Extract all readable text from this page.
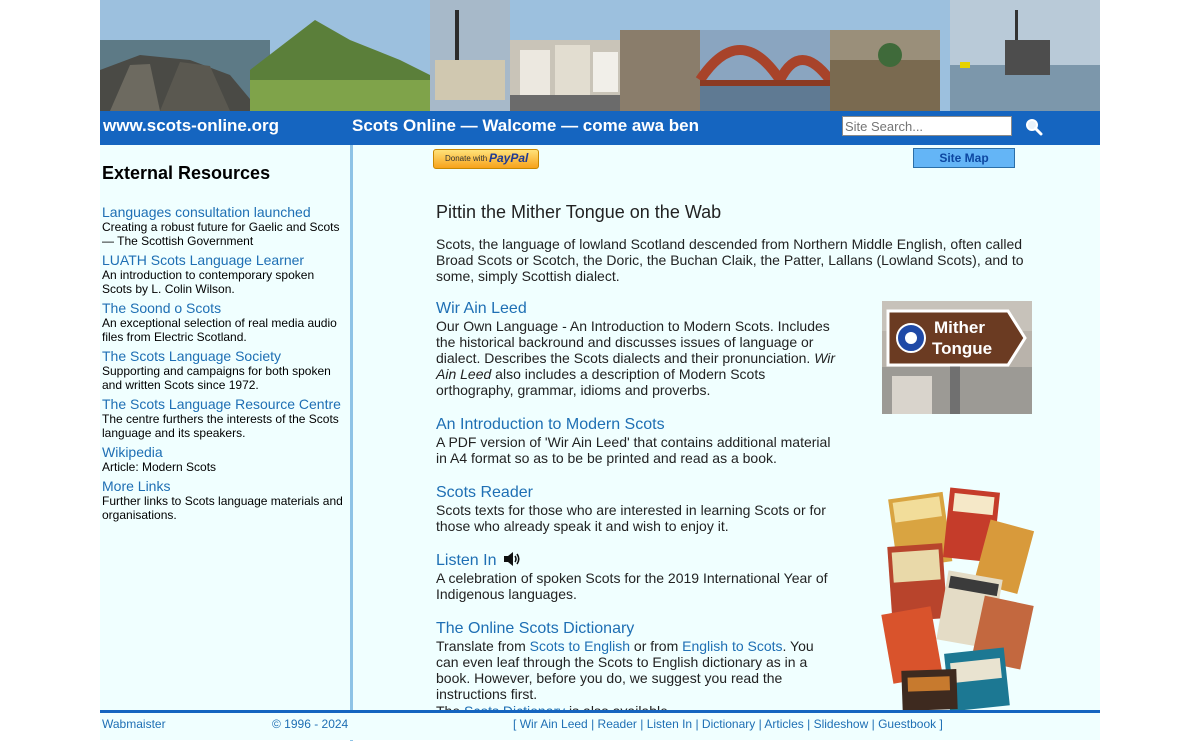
www.scots-online.org	Scots Online — Walcome — come awa ben
Site Search...
External Resources
Languages consultation launched
Creating a robust future for Gaelic and Scots — The Scottish Government
LUATH Scots Language Learner
An introduction to contemporary spoken Scots by L. Colin Wilson.
The Soond o Scots
An exceptional selection of real media audio files from Electric Scotland.
The Scots Language Society
Supporting and campaigns for both spoken and written Scots since 1972.
The Scots Language Resource Centre
The centre furthers the interests of the Scots language and its speakers.
Wikipedia
Article: Modern Scots
More Links
Further links to Scots language materials and organisations.
Donate with PayPal	Site Map
Pittin the Mither Tongue on the Wab
Scots, the language of lowland Scotland descended from Northern Middle English, often called Broad Scots or Scotch, the Doric, the Buchan Claik, the Patter, Lallans (Lowland Scots), and to some, simply Scottish dialect.
Wir Ain Leed
Our Own Language - An Introduction to Modern Scots. Includes the historical backround and discusses issues of language or dialect. Describes the Scots dialects and their pronunciation. Wir Ain Leed also includes a description of Modern Scots orthography, grammar, idioms and proverbs.
Mither
Tongue
An Introduction to Modern Scots
A PDF version of 'Wir Ain Leed' that contains additional material in A4 format so as to be be printed and read as a book.
Scots Reader
Scots texts for those who are interested in learning Scots or for those who already speak it and wish to enjoy it.
Listen In
A celebration of spoken Scots for the 2019 International Year of Indigenous languages.
The Online Scots Dictionary
Translate from Scots to English or from English to Scots. You can even leaf through the Scots to English dictionary as in a book. However, before you do, we suggest you read the instructions first.
Wabmaister	© 1996 - 2024	[ Wir Ain Leed | Reader | Listen In | Dictionary | Articles | Slideshow | Guestbook ]
